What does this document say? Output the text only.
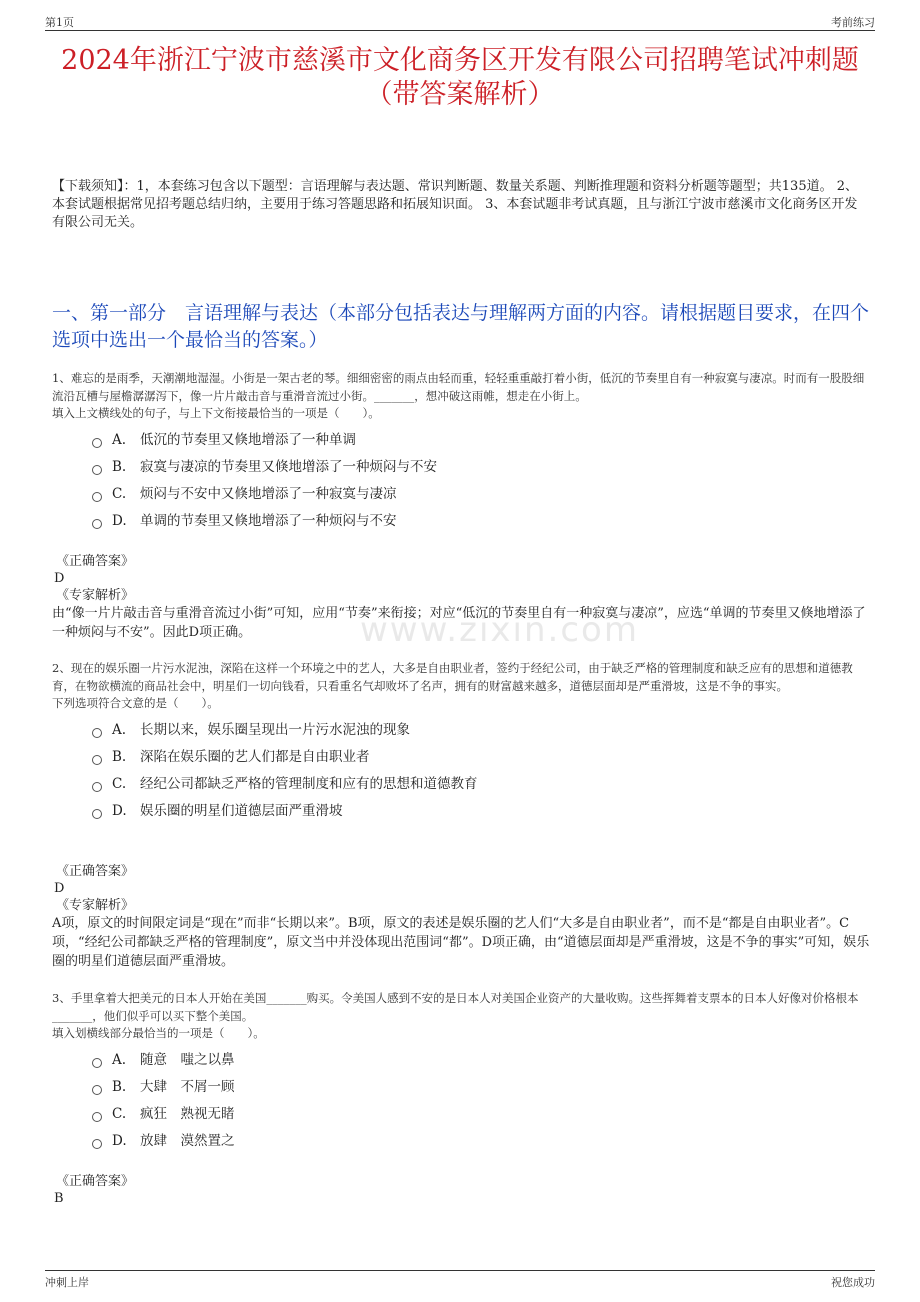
第1页	考前练习
2024年浙江宁波市慈溪市文化商务区开发有限公司招聘笔试冲刺题（带答案解析）
【下载须知】：1，本套练习包含以下题型：言语理解与表达题、常识判断题、数量关系题、判断推理题和资料分析题等题型；共135道。 2、本套试题根据常见招考题总结归纳，主要用于练习答题思路和拓展知识面。 3、本套试题非考试真题，且与浙江宁波市慈溪市文化商务区开发有限公司无关。
一、第一部分　言语理解与表达（本部分包括表达与理解两方面的内容。请根据题目要求，在四个选项中选出一个最恰当的答案。）
www.zixin.com
1、难忘的是雨季，天潮潮地湿湿。小街是一架古老的琴。细细密密的雨点由轻而重，轻轻重重敲打着小街，低沉的节奏里自有一种寂寞与凄凉。时而有一股股细流沿瓦槽与屋檐潺潺泻下，像一片片敲击音与重滑音流过小街。_______，想冲破这雨帷，想走在小街上。
填入上文横线处的句子，与上下文衔接最恰当的一项是（　　）。
A.	低沉的节奏里又倏地增添了一种单调
B.	寂寞与凄凉的节奏里又倏地增添了一种烦闷与不安
C.	烦闷与不安中又倏地增添了一种寂寞与凄凉
D. 单调的节奏里又倏地增添了一种烦闷与不安
《正确答案》
D
《专家解析》
由“像一片片敲击音与重滑音流过小街”可知，应用“节奏”来衔接；对应“低沉的节奏里自有一种寂寞与凄凉”，应选“单调的节奏里又倏地增添了一种烦闷与不安”。因此D项正确。
2、现在的娱乐圈一片污水泥浊，深陷在这样一个环境之中的艺人，大多是自由职业者，签约于经纪公司，由于缺乏严格的管理制度和缺乏应有的思想和道德教育，在物欲横流的商品社会中，明星们一切向钱看，只看重名气却败坏了名声，拥有的财富越来越多，道德层面却是严重滑坡，这是不争的事实。
下列选项符合文意的是（　　）。
A.	长期以来，娱乐圈呈现出一片污水泥浊的现象
B.	深陷在娱乐圈的艺人们都是自由职业者
C.	经纪公司都缺乏严格的管理制度和应有的思想和道德教育
D. 娱乐圈的明星们道德层面严重滑坡
《正确答案》
D
《专家解析》
A项，原文的时间限定词是“现在”而非“长期以来”。B项，原文的表述是娱乐圈的艺人们“大多是自由职业者”，而不是“都是自由职业者”。C项，“经纪公司都缺乏严格的管理制度”，原文当中并没体现出范围词“都”。D项正确，由“道德层面却是严重滑坡，这是不争的事实”可知，娱乐圈的明星们道德层面严重滑坡。
3、手里拿着大把美元的日本人开始在美国_______购买。令美国人感到不安的是日本人对美国企业资产的大量收购。这些挥舞着支票本的日本人好像对价格根本_______，他们似乎可以买下整个美国。
填入划横线部分最恰当的一项是（　　）。
A.	随意　嗤之以鼻
B.	大肆　不屑一顾
C.	疯狂　熟视无睹
D. 放肆　漠然置之
《正确答案》
B
冲刺上岸	祝您成功
